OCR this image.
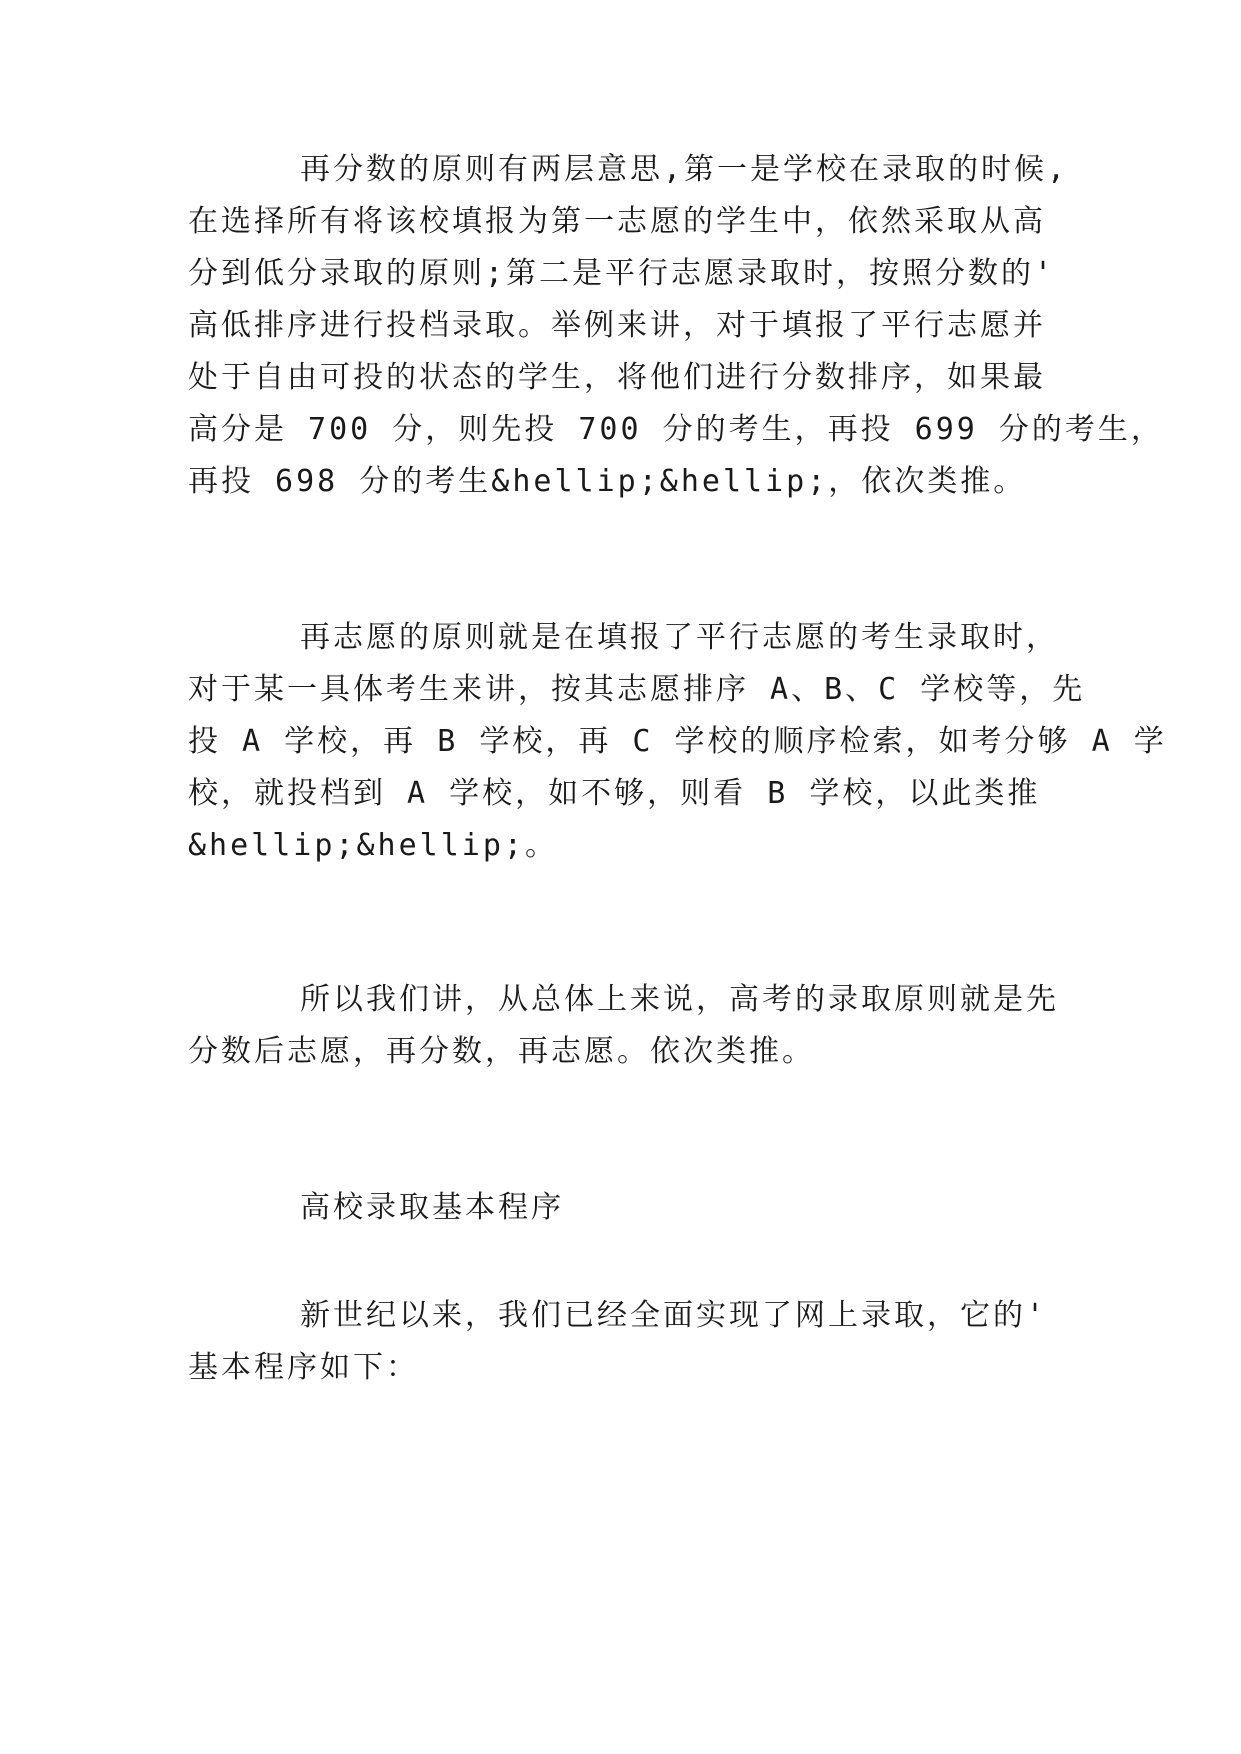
再分数的原则有两层意思,第一是学校在录取的时候,
在选择所有将该校填报为第一志愿的学生中，依然采取从高
分到低分录取的原则;第二是平行志愿录取时，按照分数的'
高低排序进行投档录取。举例来讲，对于填报了平行志愿并
处于自由可投的状态的学生，将他们进行分数排序，如果最
高分是 700 分，则先投 700 分的考生，再投 699 分的考生，
再投 698 分的考生&hellip;&hellip;，依次类推。
再志愿的原则就是在填报了平行志愿的考生录取时，
对于某一具体考生来讲，按其志愿排序 A、B、C 学校等，先
投 A 学校，再 B 学校，再 C 学校的顺序检索，如考分够 A 学
校，就投档到 A 学校，如不够，则看 B 学校，以此类推
&hellip;&hellip;。
所以我们讲，从总体上来说，高考的录取原则就是先
分数后志愿，再分数，再志愿。依次类推。
高校录取基本程序
新世纪以来，我们已经全面实现了网上录取，它的'
基本程序如下：
